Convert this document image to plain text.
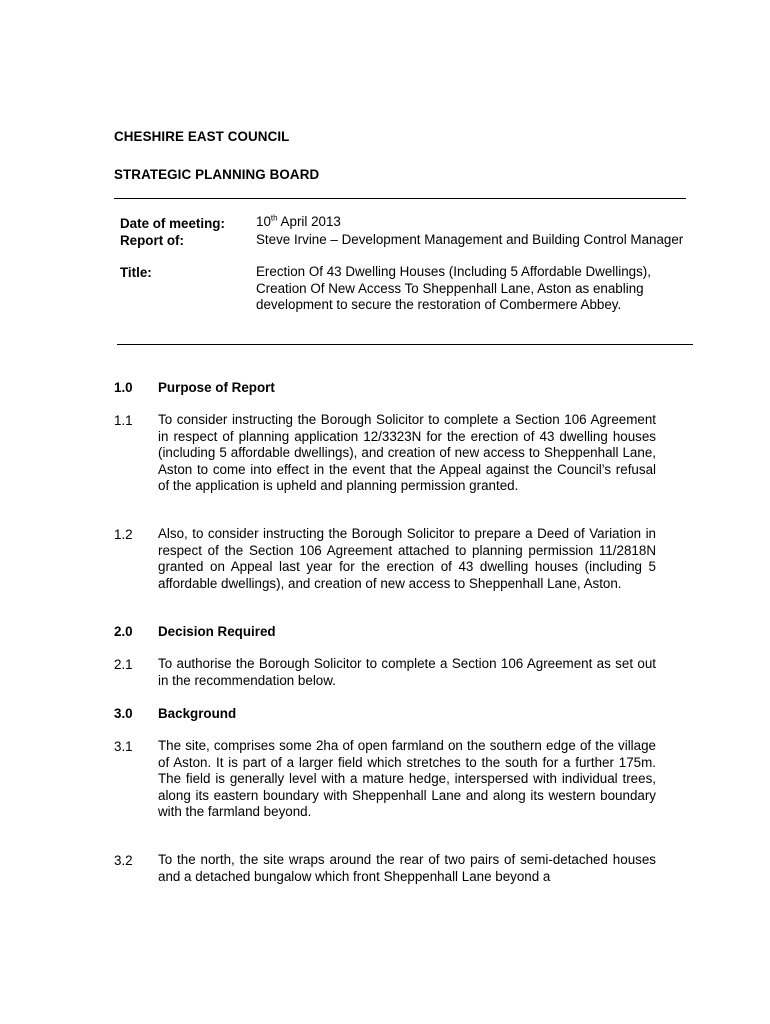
CHESHIRE EAST COUNCIL
STRATEGIC PLANNING BOARD
Date of meeting: 10th April 2013
Report of:	Steve Irvine – Development Management and Building Control Manager
Title:	Erection Of 43 Dwelling Houses (Including 5 Affordable Dwellings), Creation Of New Access To Sheppenhall Lane, Aston as enabling development to secure the restoration of Combermere Abbey.
1.0 Purpose of Report
1.1 To consider instructing the Borough Solicitor to complete a Section 106 Agreement in respect of planning application 12/3323N for the erection of 43 dwelling houses (including 5 affordable dwellings), and creation of new access to Sheppenhall Lane, Aston to come into effect in the event that the Appeal against the Council’s refusal of the application is upheld and planning permission granted.
1.2 Also, to consider instructing the Borough Solicitor to prepare a Deed of Variation in respect of the Section 106 Agreement attached to planning permission 11/2818N granted on Appeal last year for the erection of 43 dwelling houses (including 5 affordable dwellings), and creation of new access to Sheppenhall Lane, Aston.
2.0 Decision Required
2.1 To authorise the Borough Solicitor to complete a Section 106 Agreement as set out in the recommendation below.
3.0 Background
3.1 The site, comprises some 2ha of open farmland on the southern edge of the village of Aston. It is part of a larger field which stretches to the south for a further 175m. The field is generally level with a mature hedge, interspersed with individual trees, along its eastern boundary with Sheppenhall Lane and along its western boundary with the farmland beyond.
3.2 To the north, the site wraps around the rear of two pairs of semi-detached houses and a detached bungalow which front Sheppenhall Lane beyond a
